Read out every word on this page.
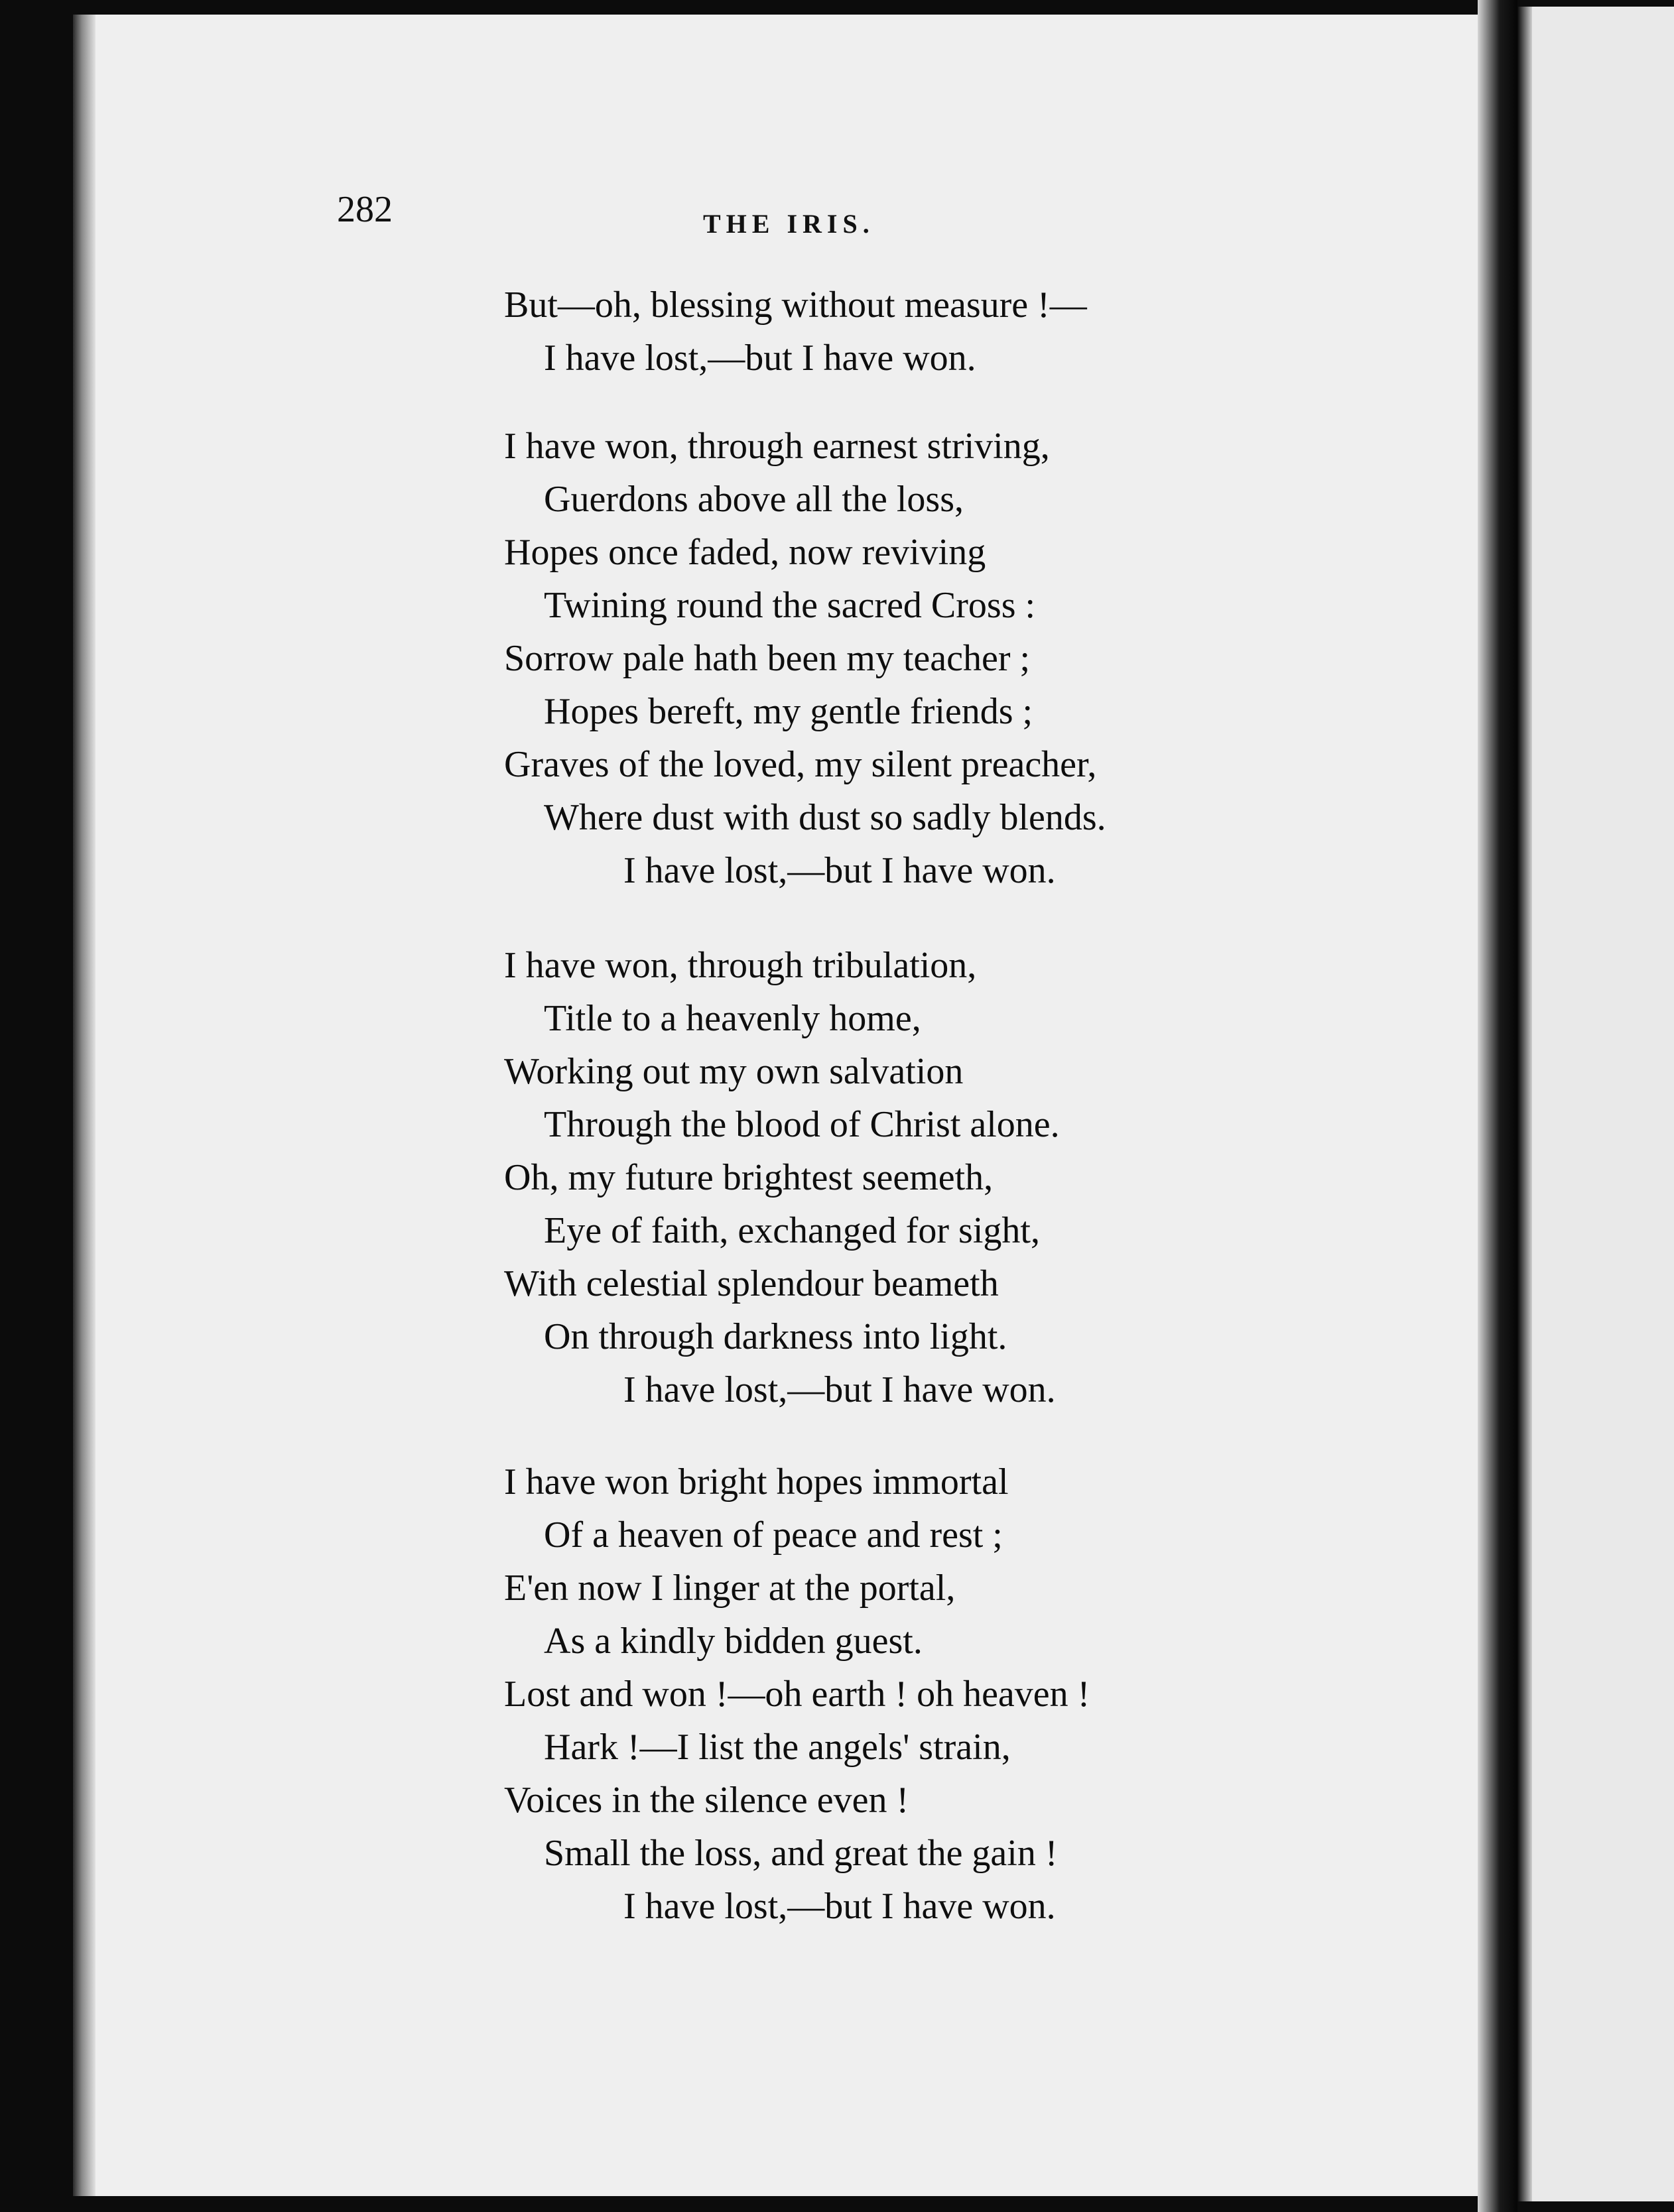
282	THE IRIS.

But—oh, blessing without measure !—

I have lost,—but I have won.

I have won, through earnest striving,

Guerdons above all the loss,

Hopes once faded, now reviving

Twining round the sacred Cross :

Sorrow pale hath been my teacher ;

Hopes bereft, my gentle friends ;

Graves of the loved, my silent preacher,

Where dust with dust so sadly blends.

I have lost,—but I have won.

I have won, through tribulation,

Title to a heavenly home,

Working out my own salvation

Through the blood of Christ alone.

Oh, my future brightest seemeth,

Eye of faith, exchanged for sight,

With celestial splendour beameth

On through darkness into light.

I have lost,—but I have won.

I have won bright hopes immortal

Of a heaven of peace and rest ;

E'en now I linger at the portal,

As a kindly bidden guest.

Lost and won !—oh earth ! oh heaven !

Hark !—I list the angels' strain,

Voices in the silence even !

Small the loss, and great the gain !

I have lost,—but I have won.
